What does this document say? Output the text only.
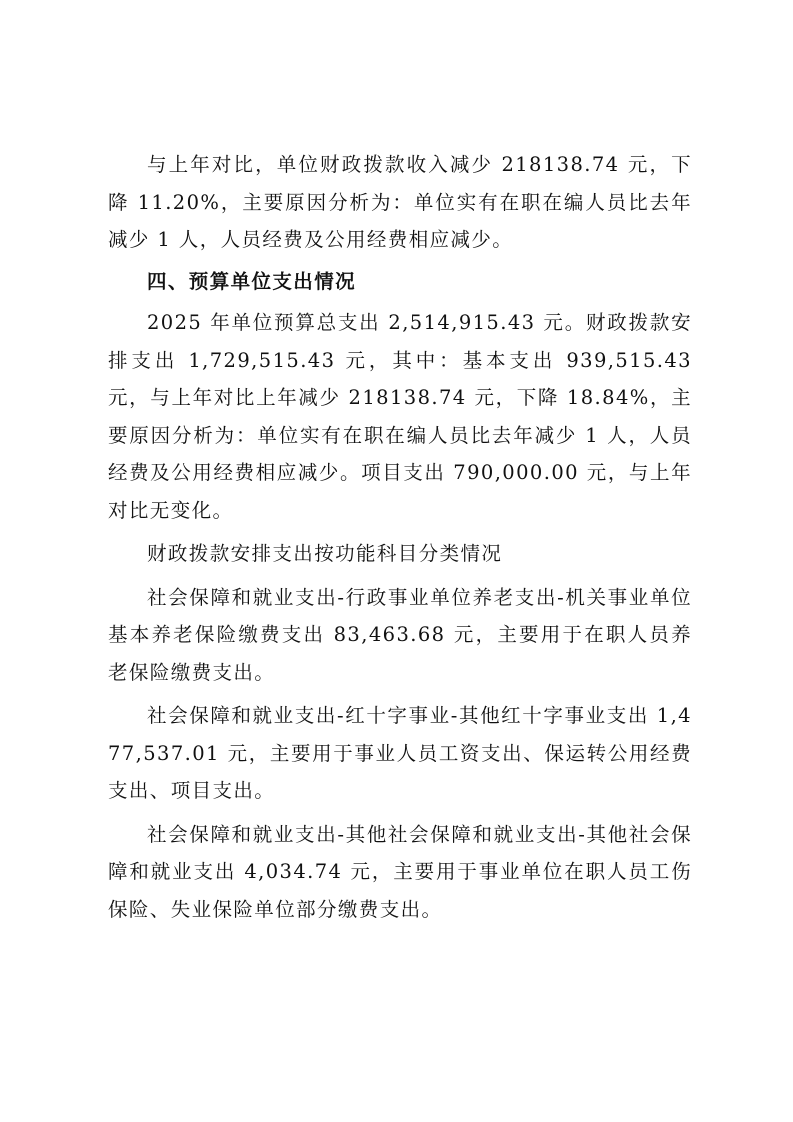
与上年对比，单位财政拨款收入减少 218138.74 元，下降 11.20%，主要原因分析为：单位实有在职在编人员比去年减少 1 人，人员经费及公用经费相应减少。

四、预算单位支出情况

2025 年单位预算总支出 2,514,915.43 元。财政拨款安排支出 1,729,515.43 元，其中：基本支出 939,515.43 元，与上年对比上年减少 218138.74 元，下降 18.84%，主要原因分析为：单位实有在职在编人员比去年减少 1 人，人员经费及公用经费相应减少。项目支出 790,000.00 元，与上年对比无变化。

财政拨款安排支出按功能科目分类情况

社会保障和就业支出-行政事业单位养老支出-机关事业单位基本养老保险缴费支出 83,463.68 元，主要用于在职人员养老保险缴费支出。

社会保障和就业支出-红十字事业-其他红十字事业支出 1,477,537.01 元，主要用于事业人员工资支出、保运转公用经费支出、项目支出。

社会保障和就业支出-其他社会保障和就业支出-其他社会保障和就业支出 4,034.74 元，主要用于事业单位在职人员工伤保险、失业保险单位部分缴费支出。
